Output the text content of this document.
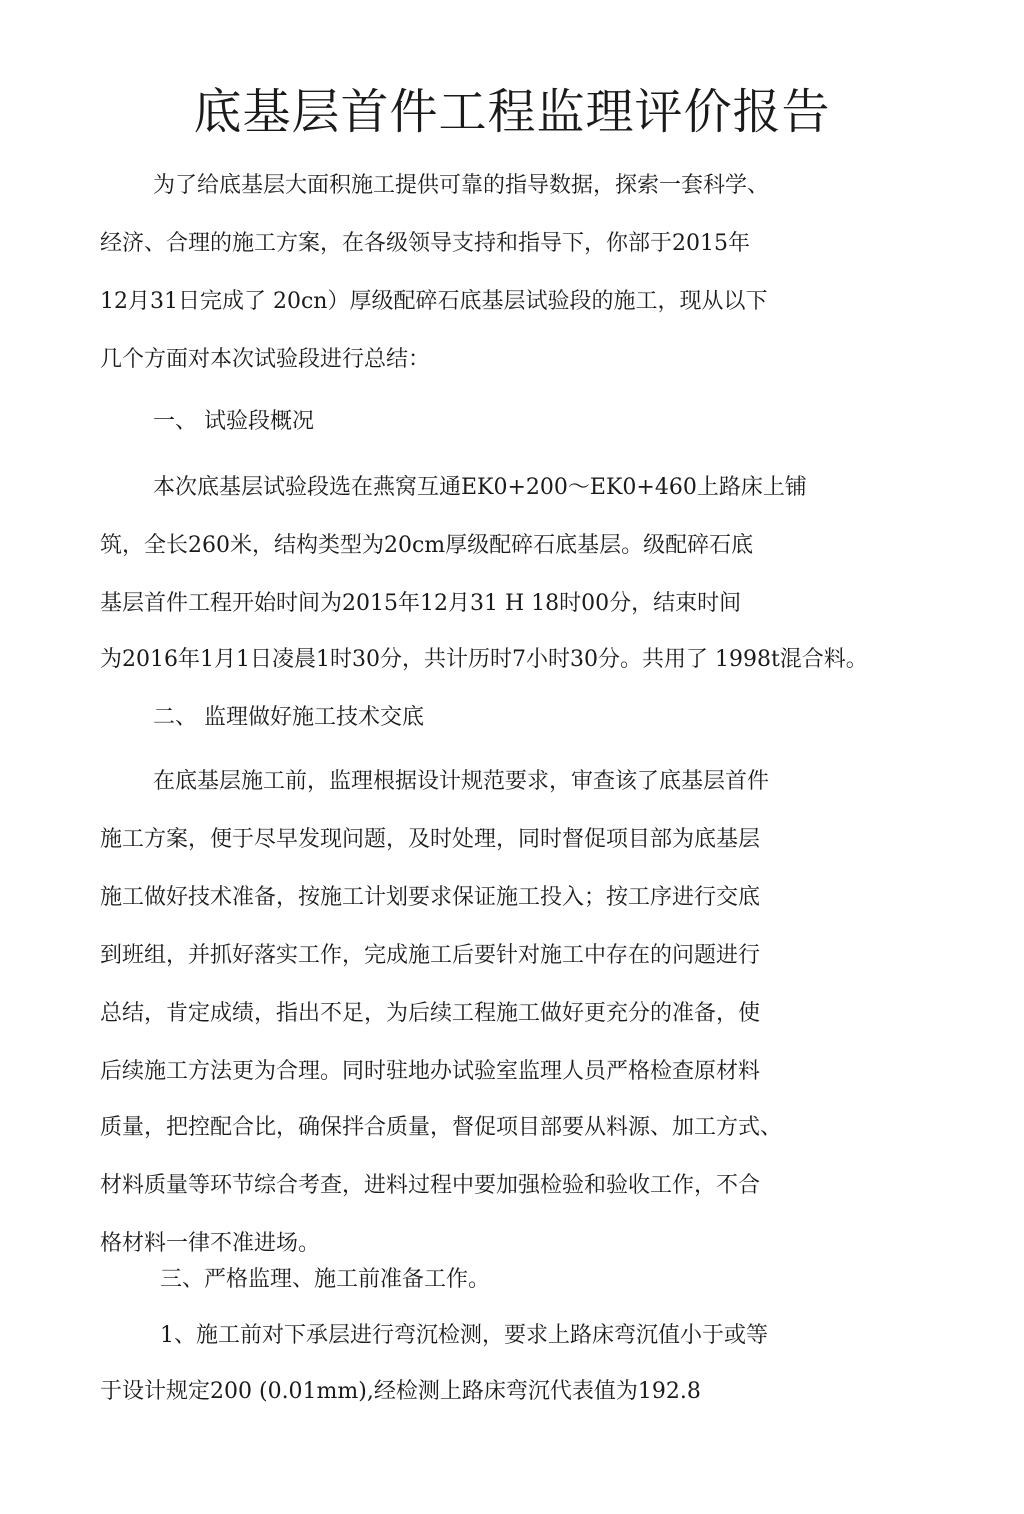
底基层首件工程监理评价报告

为了给底基层大面积施工提供可靠的指导数据，探索一套科学、

经济、合理的施工方案，在各级领导支持和指导下，你部于2015年

12月31日完成了 20cn）厚级配碎石底基层试验段的施工，现从以下

几个方面对本次试验段进行总结：

一、 试验段概况

本次底基层试验段选在燕窝互通EK0+200～EK0+460上路床上铺

筑，全长260米，结构类型为20cm厚级配碎石底基层。级配碎石底

基层首件工程开始时间为2015年12月31 H 18时00分，结束时间

为2016年1月1日凌晨1时30分，共计历时7小时30分。共用了 1998t混合料。

二、 监理做好施工技术交底

在底基层施工前，监理根据设计规范要求，审查该了底基层首件

施工方案，便于尽早发现问题，及时处理，同时督促项目部为底基层

施工做好技术准备，按施工计划要求保证施工投入；按工序进行交底

到班组，并抓好落实工作，完成施工后要针对施工中存在的问题进行

总结，肯定成绩，指出不足，为后续工程施工做好更充分的准备，使

后续施工方法更为合理。同时驻地办试验室监理人员严格检查原材料

质量，把控配合比，确保拌合质量，督促项目部要从料源、加工方式、

材料质量等环节综合考查，进料过程中要加强检验和验收工作，不合

格材料一律不准进场。

三、严格监理、施工前准备工作。

1、施工前对下承层进行弯沉检测，要求上路床弯沉值小于或等

于设计规定200 (0.01mm),经检测上路床弯沉代表值为192.8
